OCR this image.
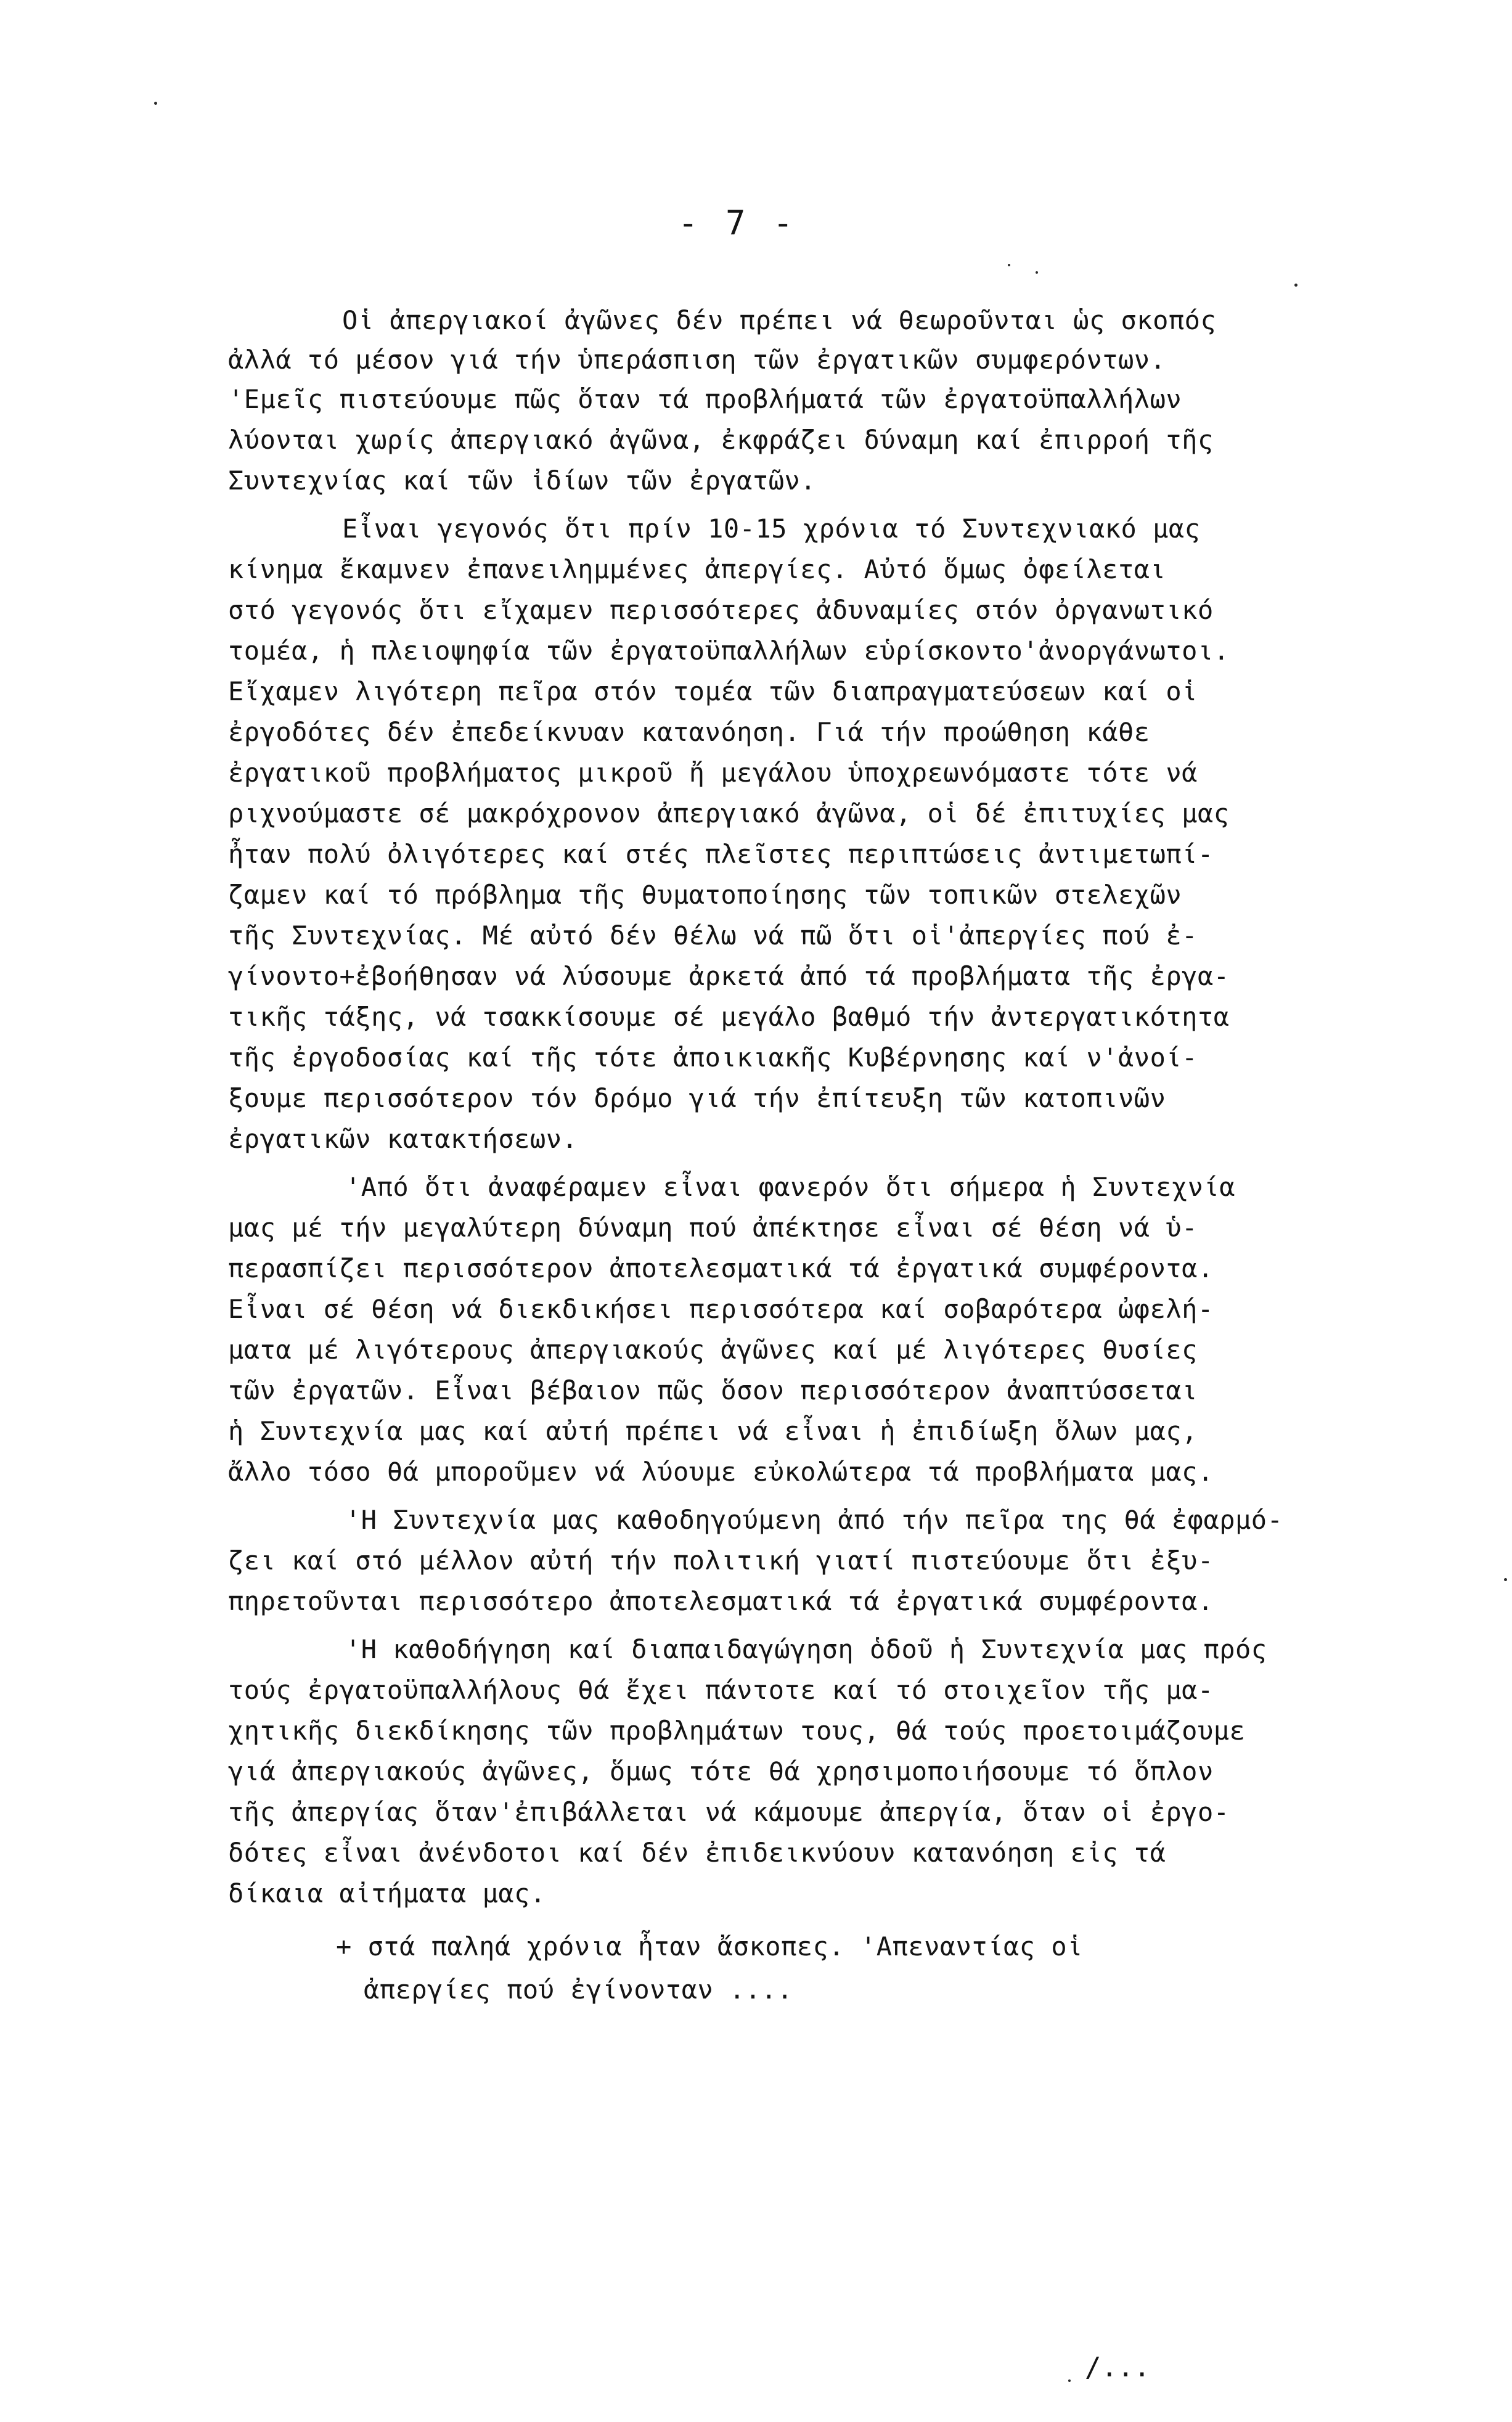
- 7 -
Οἱ ἀπεργιακοί ἀγῶνες δέν πρέπει νά θεωροῦνται ὡς σκοπός
ἀλλά τό μέσον γιά τήν ὑπεράσπιση τῶν ἐργατικῶν συμφερόντων.
'Εμεῖς πιστεύουμε πῶς ὅταν τά προβλήματά τῶν ἐργατοϋπαλλήλων
λύονται χωρίς ἀπεργιακό ἀγῶνα, ἐκφράζει δύναμη καί ἐπιρροή τῆς
Συντεχνίας καί τῶν ἰδίων τῶν ἐργατῶν.
Εἶναι γεγονός ὅτι πρίν 10-15 χρόνια τό Συντεχνιακό μας
κίνημα ἔκαμνεν ἐπανειλημμένες ἀπεργίες. Αὐτό ὅμως ὀφείλεται
στό γεγονός ὅτι εἴχαμεν περισσότερες ἀδυναμίες στόν ὀργανωτικό
τομέα, ἡ πλειοψηφία τῶν ἐργατοϋπαλλήλων εὑρίσκοντο'ἀνοργάνωτοι.
Εἴχαμεν λιγότερη πεῖρα στόν τομέα τῶν διαπραγματεύσεων καί οἱ
ἐργοδότες δέν ἐπεδείκνυαν κατανόηση. Γιά τήν προώθηση κάθε
ἐργατικοῦ προβλήματος μικροῦ ἤ μεγάλου ὑποχρεωνόμαστε τότε νά
ριχνούμαστε σέ μακρόχρονον ἀπεργιακό ἀγῶνα, οἱ δέ ἐπιτυχίες μας
ἦταν πολύ ὀλιγότερες καί στές πλεῖστες περιπτώσεις ἀντιμετωπί-
ζαμεν καί τό πρόβλημα τῆς θυματοποίησης τῶν τοπικῶν στελεχῶν
τῆς Συντεχνίας. Μέ αὐτό δέν θέλω νά πῶ ὅτι οἱ'ἀπεργίες πού ἐ-
γίνοντο+ἐβοήθησαν νά λύσουμε ἀρκετά ἀπό τά προβλήματα τῆς ἐργα-
τικῆς τάξης, νά τσακκίσουμε σέ μεγάλο βαθμό τήν ἀντεργατικότητα
τῆς ἐργοδοσίας καί τῆς τότε ἀποικιακῆς Κυβέρνησης καί ν'ἀνοί-
ξουμε περισσότερον τόν δρόμο γιά τήν ἐπίτευξη τῶν κατοπινῶν
ἐργατικῶν κατακτήσεων.
'Από ὅτι ἀναφέραμεν εἶναι φανερόν ὅτι σήμερα ἡ Συντεχνία
μας μέ τήν μεγαλύτερη δύναμη πού ἀπέκτησε εἶναι σέ θέση νά ὑ-
περασπίζει περισσότερον ἀποτελεσματικά τά ἐργατικά συμφέροντα.
Εἶναι σέ θέση νά διεκδικήσει περισσότερα καί σοβαρότερα ὠφελή-
ματα μέ λιγότερους ἀπεργιακούς ἀγῶνες καί μέ λιγότερες θυσίες
τῶν ἐργατῶν. Εἶναι βέβαιον πῶς ὅσον περισσότερον ἀναπτύσσεται
ἡ Συντεχνία μας καί αὐτή πρέπει νά εἶναι ἡ ἐπιδίωξη ὅλων μας,
ἄλλο τόσο θά μποροῦμεν νά λύουμε εὐκολώτερα τά προβλήματα μας.
'Η Συντεχνία μας καθοδηγούμενη ἀπό τήν πεῖρα της θά ἐφαρμό-
ζει καί στό μέλλον αὐτή τήν πολιτική γιατί πιστεύουμε ὅτι ἐξυ-
πηρετοῦνται περισσότερο ἀποτελεσματικά τά ἐργατικά συμφέροντα.
'Η καθοδήγηση καί διαπαιδαγώγηση ὁδοῦ ἡ Συντεχνία μας πρός
τούς ἐργατοϋπαλλήλους θά ἔχει πάντοτε καί τό στοιχεῖον τῆς μα-
χητικῆς διεκδίκησης τῶν προβλημάτων τους, θά τούς προετοιμάζουμε
γιά ἀπεργιακούς ἀγῶνες, ὅμως τότε θά χρησιμοποιήσουμε τό ὅπλον
τῆς ἀπεργίας ὅταν'ἐπιβάλλεται νά κάμουμε ἀπεργία, ὅταν οἱ ἐργο-
δότες εἶναι ἀνένδοτοι καί δέν ἐπιδεικνύουν κατανόηση εἰς τά
δίκαια αἰτήματα μας.
+ στά παληά χρόνια ἦταν ἄσκοπες. 'Απεναντίας οἱ
ἀπεργίες πού ἐγίνονταν ....
/...
